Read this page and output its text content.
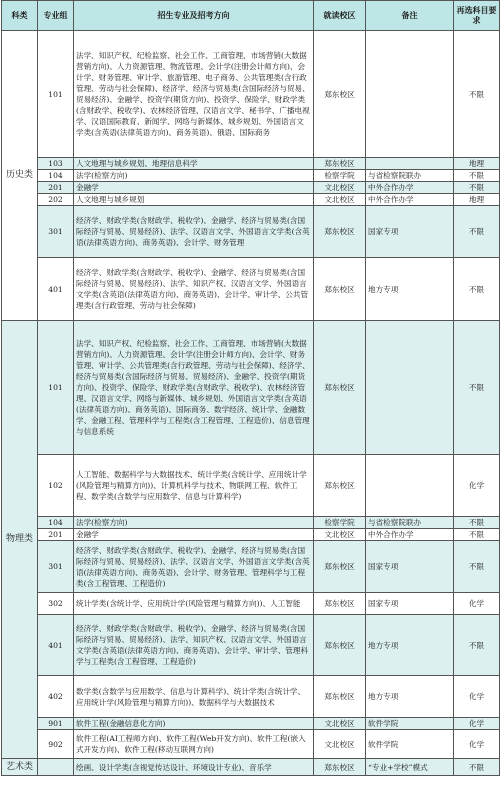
科类	专业组	招生专业及招考方向	就读校区	备注	再选科目要求
历史类	101	法学、知识产权、纪检监察、社会工作、工商管理、市场营销(大数据营销方向)、人力资源管理、物流管理、会计学(注册会计师方向)、会计学、财务管理、审计学、旅游管理、电子商务、公共管理类(含行政管理、劳动与社会保障)、经济学、经济与贸易类(含国际经济与贸易、贸易经济)、金融学、投资学(期货方向)、投资学、保险学、财政学类(含财政学、税收学)、农林经济管理、汉语言文学、秘书学、广播电视学、汉语国际教育、新闻学、网络与新媒体、城乡规划、外国语言文学类(含英语(法律英语方向)、商务英语)、俄语、国际商务	郑东校区		不限
	103	人文地理与城乡规划、地理信息科学	郑东校区		地理
	104	法学(检察方向)	检察学院	与省检察院联办	不限
	201	金融学	文北校区	中外合作办学	不限
	202	人文地理与城乡规划	文北校区	中外合作办学	地理
	301	经济学、财政学类(含财政学、税收学)、金融学、经济与贸易类(含国际经济与贸易、贸易经济)、法学、汉语言文学、外国语言文学类(含英语(法律英语方向)、商务英语)、会计学、财务管理	郑东校区	国家专项	不限
	401	经济学、财政学类(含财政学、税收学)、金融学、经济与贸易类(含国际经济与贸易、贸易经济)、法学、知识产权、汉语言文学、外国语言文学类(含英语(法律英语方向)、商务英语)、会计学、审计学、公共管理类(含行政管理、劳动与社会保障)	郑东校区	地方专项	不限
物理类	101	法学、知识产权、纪检监察、社会工作、工商管理、市场营销(大数据营销方向)、人力资源管理、会计学(注册会计师方向)、会计学、财务管理、审计学、公共管理类(含行政管理、劳动与社会保障)、经济学、经济与贸易类(含国际经济与贸易、贸易经济)、金融学、投资学(期货方向)、投资学、保险学、财政学类(含财政学、税收学)、农林经济管理、汉语言文学、网络与新媒体、城乡规划、外国语言文学类(含英语(法律英语方向)、商务英语)、国际商务、数学经济、统计学、金融数学、金融工程、管理科学与工程类(含工程管理、工程造价)、信息管理与信息系统	郑东校区		不限
	102	人工智能、数据科学与大数据技术、统计学类(含统计学、应用统计学(风险管理与精算方向))、计算机科学与技术、物联网工程、软件工程、数学类(含数学与应用数学、信息与计算科学)	郑东校区		化学
	104	法学(检察方向)	检察学院	与省检察院联办	不限
	201	金融学	文北校区	中外合作办学	不限
	301	经济学、财政学类(含财政学、税收学)、金融学、经济与贸易类(含国际经济与贸易、贸易经济)、法学、汉语言文学、外国语言文学类(含英语(法律英语方向)、商务英语)、会计学、财务管理、管理科学与工程类(含工程管理、工程造价)	郑东校区	国家专项	不限
	302	统计学类(含统计学、应用统计学(风险管理与精算方向))、人工智能	郑东校区	国家专项	化学
	401	经济学、财政学类(含财政学、税收学)、金融学、经济与贸易类(含国际经济与贸易、贸易经济)、法学、知识产权、汉语言文学、外国语言文学类(含英语(法律英语方向)、商务英语)、会计学、审计学、管理科学与工程类(含工程管理、工程造价)	郑东校区	地方专项	不限
	402	数学类(含数学与应用数学、信息与计算科学)、统计学类(含统计学、应用统计学(风险管理与精算方向))、数据科学与大数据技术	郑东校区	地方专项	化学
	901	软件工程(金融信息化方向)	文北校区	软件学院	化学
	902	软件工程(AI工程师方向)、软件工程(Web开发方向)、软件工程(嵌入式开发方向)、软件工程(移动互联网方向)	文北校区	软件学院	化学
艺术类		绘画、设计学类(含视觉传达设计、环境设计专业)、音乐学	郑东校区	“专业+学校”模式	不限
